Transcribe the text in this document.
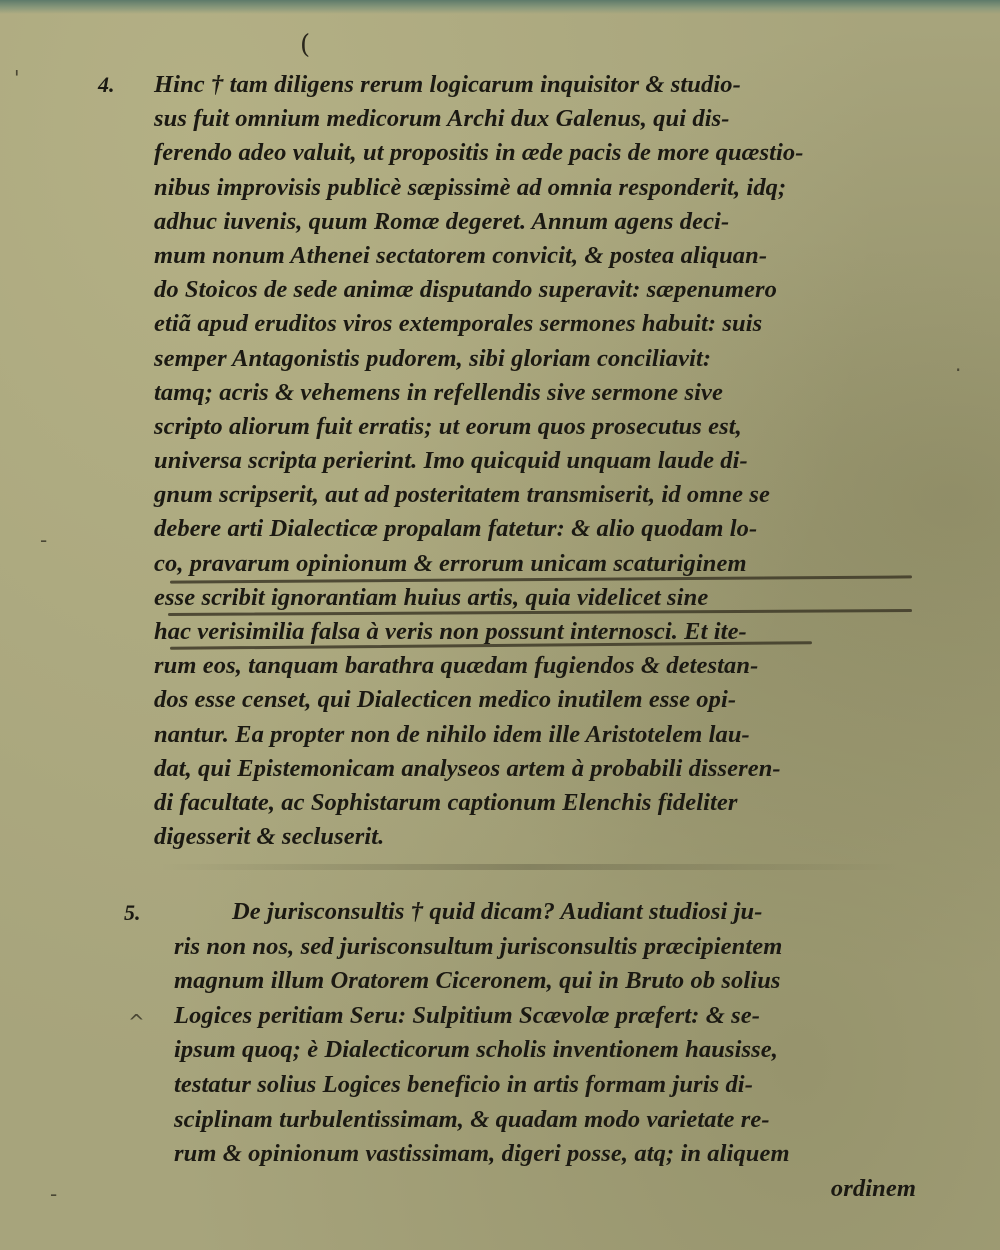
(
'
.
-
^
-
4. Hinc † tam diligens rerum logicarum inquisitor & studio-
sus fuit omnium medicorum Archi dux Galenus, qui dis-
ferendo adeo valuit, ut propositis in æde pacis de more quæstio-
nibus improvisis publicè sæpissimè ad omnia responderit, idq;
adhuc iuvenis, quum Romæ degeret. Annum agens deci-
mum nonum Athenei sectatorem convicit, & postea aliquan-
do Stoicos de sede animæ disputando superavit: sæpenumero
etiã apud eruditos viros extemporales sermones habuit: suis
semper Antagonistis pudorem, sibi gloriam conciliavit:
tamq; acris & vehemens in refellendis sive sermone sive
scripto aliorum fuit erratis; ut eorum quos prosecutus est,
universa scripta perierint. Imo quicquid unquam laude di-
gnum scripserit, aut ad posteritatem transmiserit, id omne se
debere arti Dialecticæ propalam fatetur: & alio quodam lo-
co, pravarum opinionum & errorum unicam scaturiginem
esse scribit ignorantiam huius artis, quia videlicet sine
hac verisimilia falsa à veris non possunt internosci. Et ite-
rum eos, tanquam barathra quædam fugiendos & detestan-
dos esse censet, qui Dialecticen medico inutilem esse opi-
nantur. Ea propter non de nihilo idem ille Aristotelem lau-
dat, qui Epistemonicam analyseos artem à probabili disseren-
di facultate, ac Sophistarum captionum Elenchis fideliter
digesserit & secluserit.
5.	De jurisconsultis † quid dicam? Audiant studiosi ju-
ris non nos, sed jurisconsultum jurisconsultis præcipientem
magnum illum Oratorem Ciceronem, qui in Bruto ob solius
Logices peritiam Seru: Sulpitium Scævolæ præfert: & se-
ipsum quoq; è Dialecticorum scholis inventionem hausisse,
testatur solius Logices beneficio in artis formam juris di-
sciplinam turbulentissimam, & quadam modo varietate re-
rum & opinionum vastissimam, digeri posse, atq; in aliquem
ordinem
